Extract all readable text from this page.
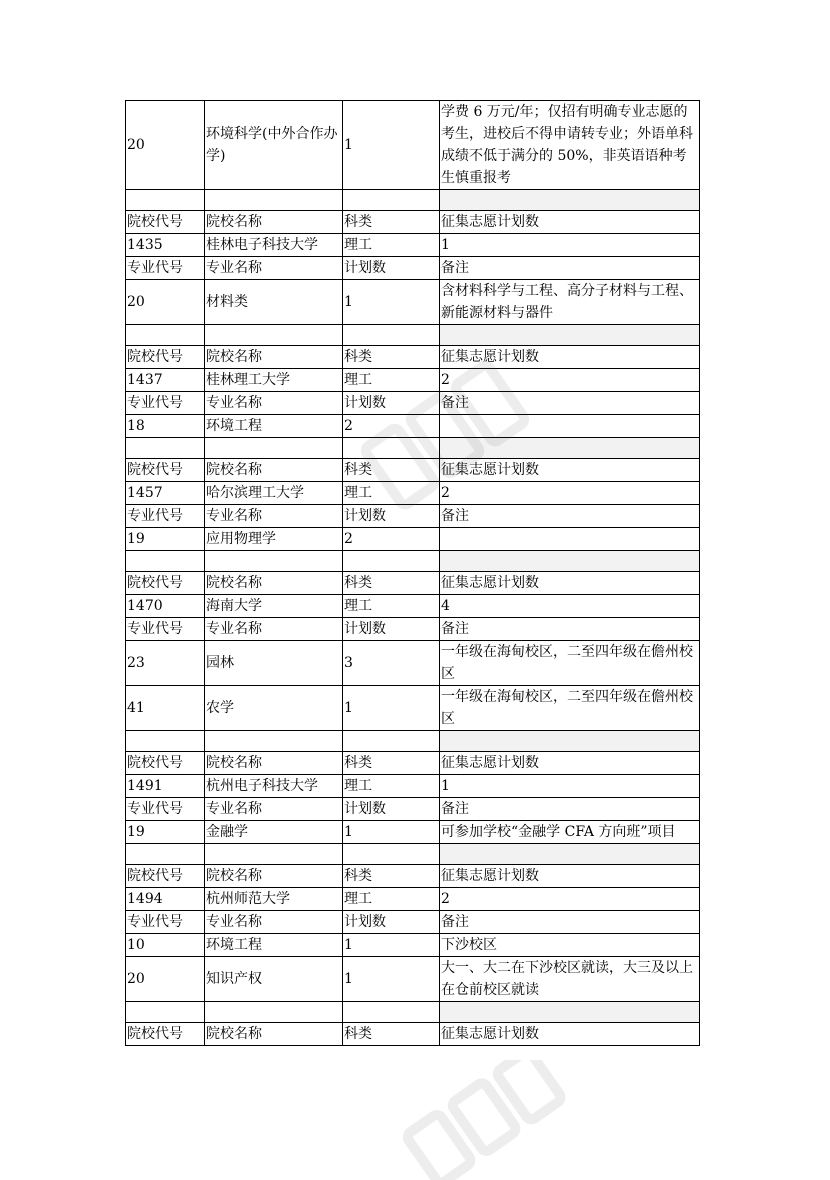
20	环境科学(中外合作办学)	1	学费 6 万元/年；仅招有明确专业志愿的考生，进校后不得申请转专业；外语单科成绩不低于满分的 50%，非英语语种考生慎重报考

院校代号	院校名称	科类	征集志愿计划数
1435	桂林电子科技大学	理工	1
专业代号	专业名称	计划数	备注
20	材料类	1	含材料科学与工程、高分子材料与工程、新能源材料与器件

院校代号	院校名称	科类	征集志愿计划数
1437	桂林理工大学	理工	2
专业代号	专业名称	计划数	备注
18	环境工程	2	

院校代号	院校名称	科类	征集志愿计划数
1457	哈尔滨理工大学	理工	2
专业代号	专业名称	计划数	备注
19	应用物理学	2	

院校代号	院校名称	科类	征集志愿计划数
1470	海南大学	理工	4
专业代号	专业名称	计划数	备注
23	园林	3	一年级在海甸校区，二至四年级在儋州校区
41	农学	1	一年级在海甸校区，二至四年级在儋州校区

院校代号	院校名称	科类	征集志愿计划数
1491	杭州电子科技大学	理工	1
专业代号	专业名称	计划数	备注
19	金融学	1	可参加学校“金融学 CFA 方向班”项目

院校代号	院校名称	科类	征集志愿计划数
1494	杭州师范大学	理工	2
专业代号	专业名称	计划数	备注
10	环境工程	1	下沙校区
20	知识产权	1	大一、大二在下沙校区就读，大三及以上在仓前校区就读

院校代号	院校名称	科类	征集志愿计划数
